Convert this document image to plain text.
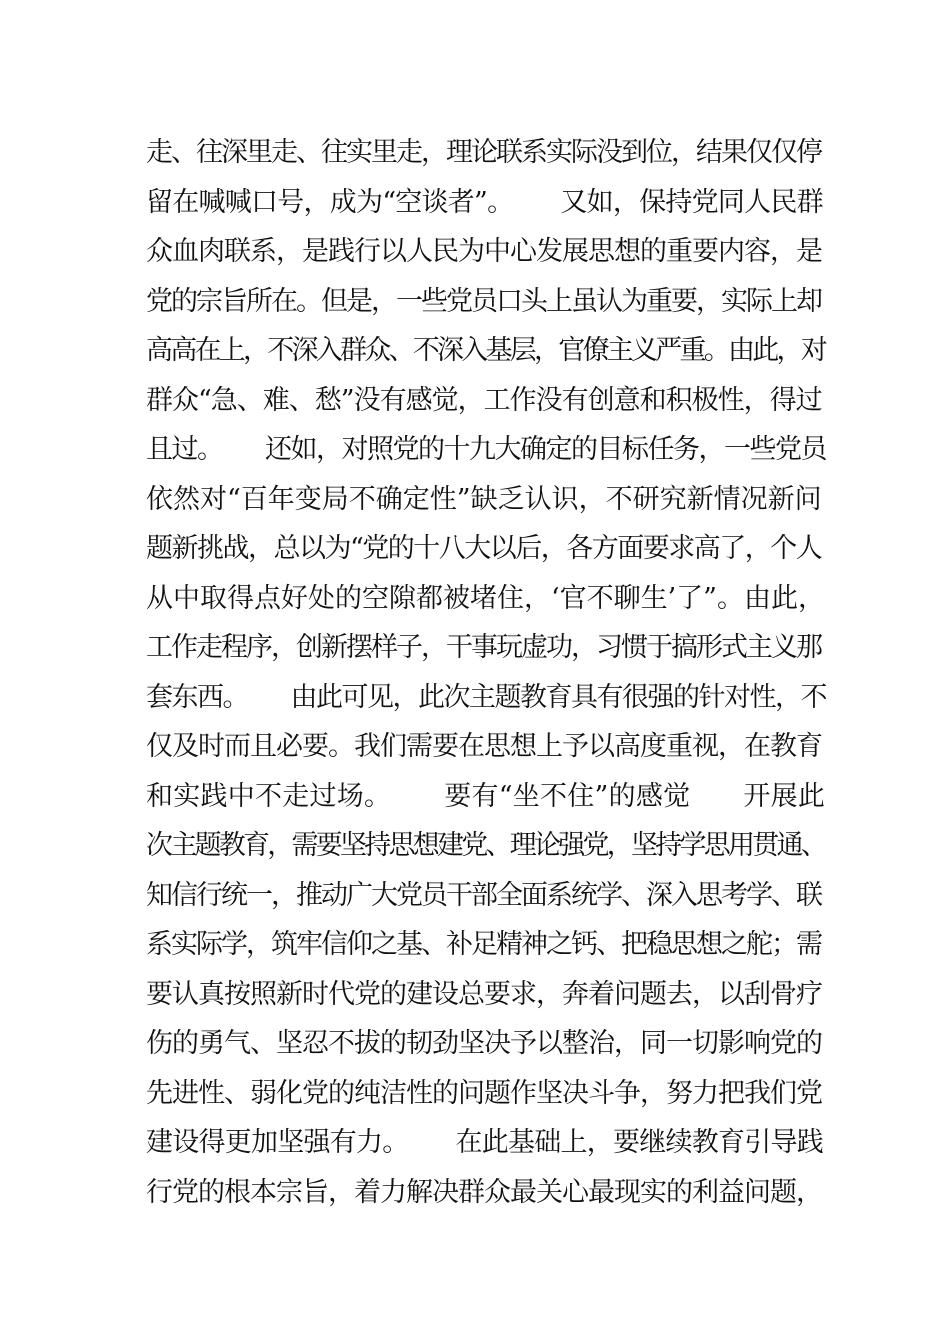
走、往深里走、往实里走，理论联系实际没到位，结果仅仅停
留在喊喊口号，成为“空谈者”。      又如，保持党同人民群
众血肉联系，是践行以人民为中心发展思想的重要内容，是
党的宗旨所在。但是，一些党员口头上虽认为重要，实际上却
高高在上，不深入群众、不深入基层，官僚主义严重。由此，对
群众“急、难、愁”没有感觉，工作没有创意和积极性，得过
且过。      还如，对照党的十九大确定的目标任务，一些党员
依然对“百年变局不确定性”缺乏认识，不研究新情况新问
题新挑战，总以为“党的十八大以后，各方面要求高了，个人
从中取得点好处的空隙都被堵住，‘官不聊生’了”。由此，
工作走程序，创新摆样子，干事玩虚功，习惯于搞形式主义那
套东西。      由此可见，此次主题教育具有很强的针对性，不
仅及时而且必要。我们需要在思想上予以高度重视，在教育
和实践中不走过场。      要有“坐不住”的感觉      开展此
次主题教育，需要坚持思想建党、理论强党，坚持学思用贯通、
知信行统一，推动广大党员干部全面系统学、深入思考学、联
系实际学，筑牢信仰之基、补足精神之钙、把稳思想之舵；需
要认真按照新时代党的建设总要求，奔着问题去，以刮骨疗
伤的勇气、坚忍不拔的韧劲坚决予以整治，同一切影响党的
先进性、弱化党的纯洁性的问题作坚决斗争，努力把我们党
建设得更加坚强有力。      在此基础上，要继续教育引导践
行党的根本宗旨，着力解决群众最关心最现实的利益问题，
